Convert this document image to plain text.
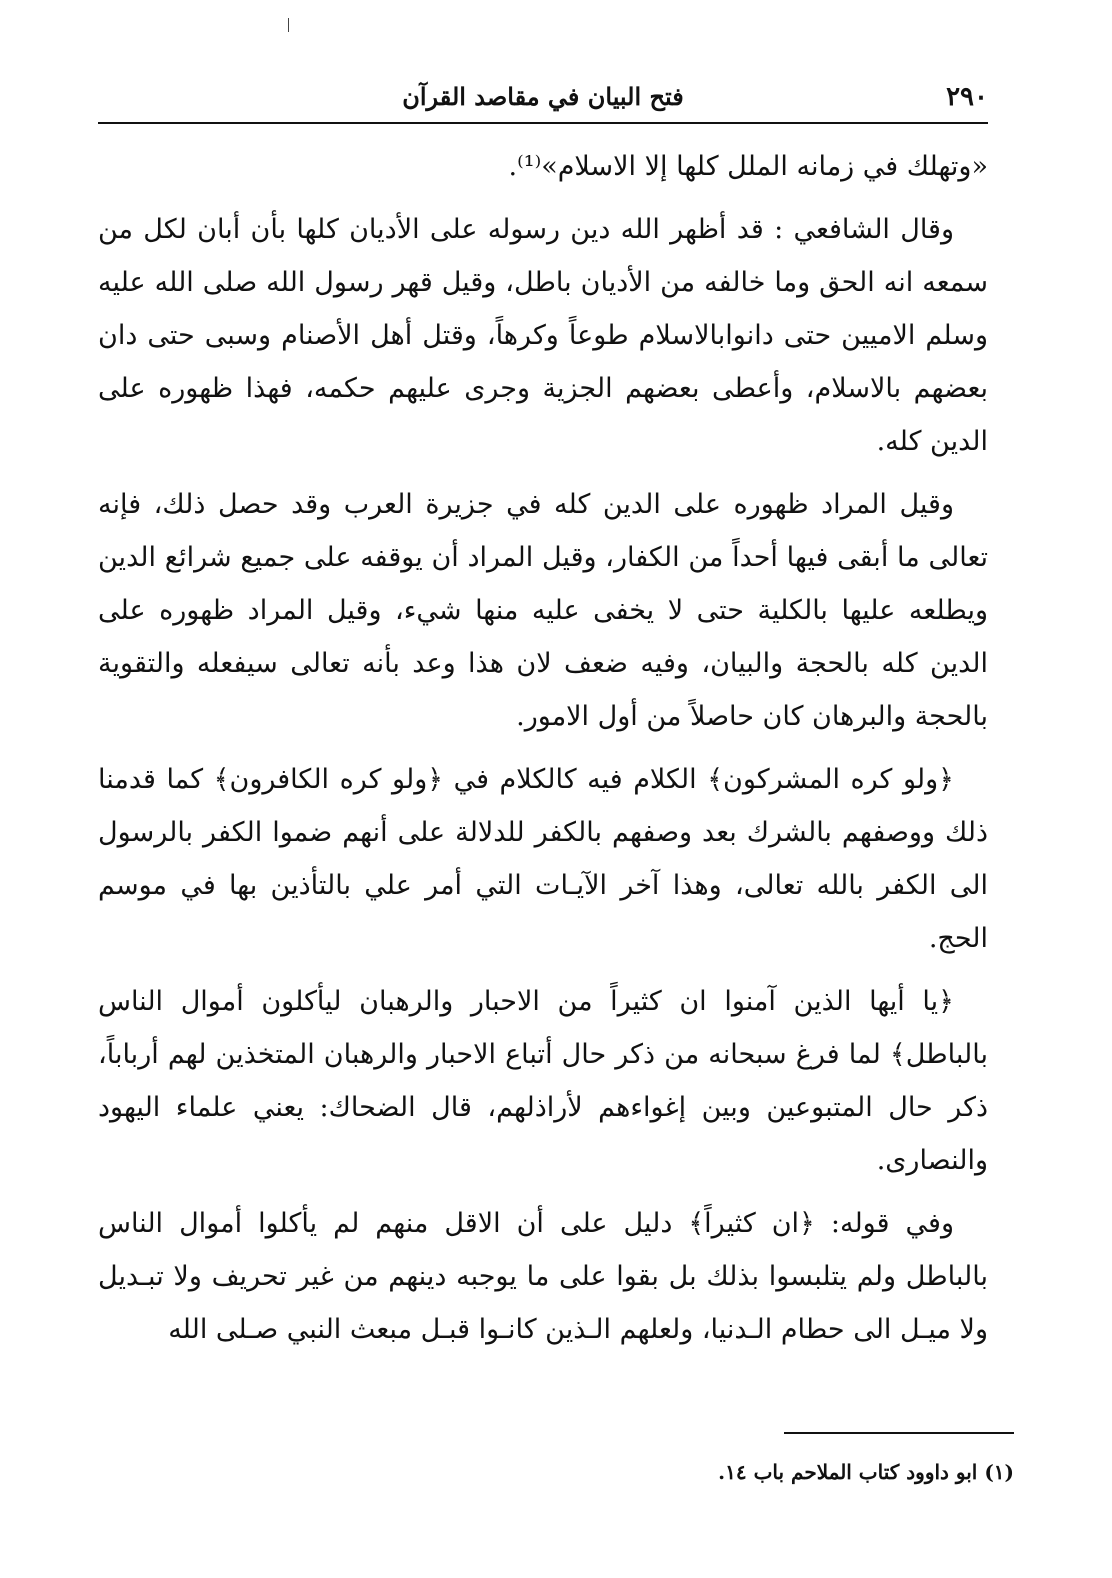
٢٩٠
فتح البيان في مقاصد القرآن

«وتهلك في زمانه الملل كلها إلا الاسلام»⁽¹⁾.

وقال الشافعي : قد أظهر الله دين رسوله على الأديان كلها بأن أبان لكل من سمعه انه الحق وما خالفه من الأديان باطل، وقيل قهر رسول الله صلى الله عليه وسلم الاميين حتى دانوابالاسلام طوعاً وكرهاً، وقتل أهل الأصنام وسبى حتى دان بعضهم بالاسلام، وأعطى بعضهم الجزية وجرى عليهم حكمه، فهذا ظهوره على الدين كله.

وقيل المراد ظهوره على الدين كله في جزيرة العرب وقد حصل ذلك، فإنه تعالى ما أبقى فيها أحداً من الكفار، وقيل المراد أن يوقفه على جميع شرائع الدين ويطلعه عليها بالكلية حتى لا يخفى عليه منها شيء، وقيل المراد ظهوره على الدين كله بالحجة والبيان، وفيه ضعف لان هذا وعد بأنه تعالى سيفعله والتقوية بالحجة والبرهان كان حاصلاً من أول الامور.

﴿ولو كره المشركون﴾ الكلام فيه كالكلام في ﴿ولو كره الكافرون﴾ كما قدمنا ذلك ووصفهم بالشرك بعد وصفهم بالكفر للدلالة على أنهم ضموا الكفر بالرسول الى الكفر بالله تعالى، وهذا آخر الآيـات التي أمر علي بالتأذين بها في موسم الحج.

﴿يا أيها الذين آمنوا ان كثيراً من الاحبار والرهبان ليأكلون أموال الناس بالباطل﴾ لما فرغ سبحانه من ذكر حال أتباع الاحبار والرهبان المتخذين لهم أرباباً، ذكر حال المتبوعين وبين إغواءهم لأراذلهم، قال الضحاك: يعني علماء اليهود والنصارى.

وفي قوله: ﴿ان كثيراً﴾ دليل على أن الاقل منهم لم يأكلوا أموال الناس بالباطل ولم يتلبسوا بذلك بل بقوا على ما يوجبه دينهم من غير تحريف ولا تبـديل ولا ميـل الى حطام الـدنيا، ولعلهم الـذين كانـوا قبـل مبعث النبي صـلى الله

(١) ابو داوود كتاب الملاحم باب ١٤.
